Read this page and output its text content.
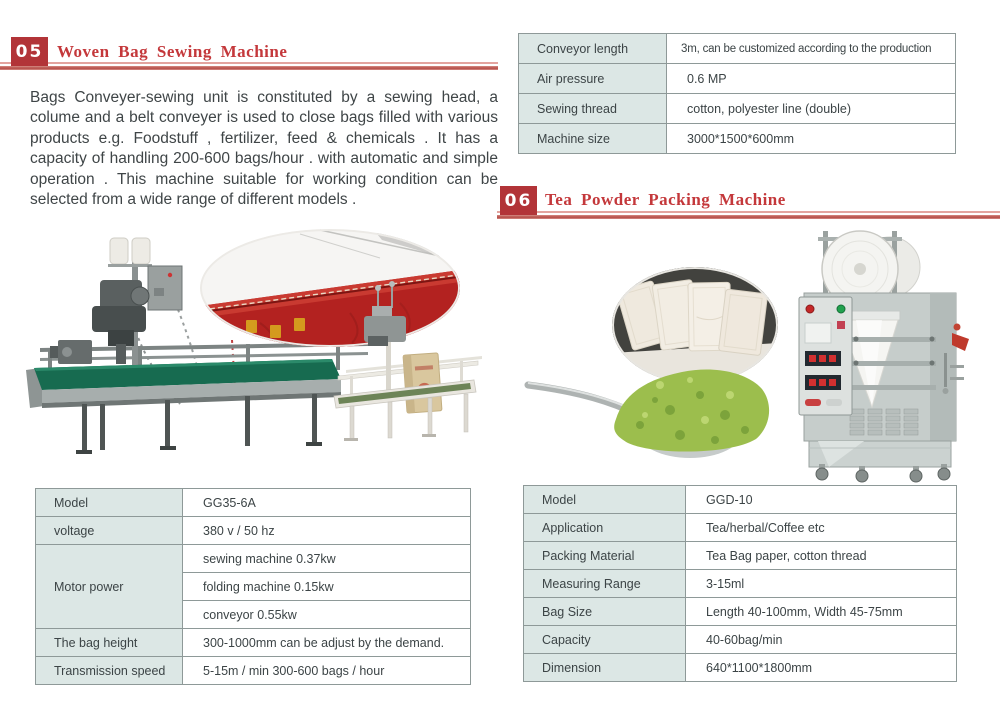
05 Woven Bag Sewing Machine

Bags Conveyer-sewing unit is constituted by a sewing head, a colume and a belt conveyer is used to close bags filled with various products e.g. Foodstuff , fertilizer, feed & chemicals . It has a capacity of handling 200-600 bags/hour . with automatic and simple operation . This machine suitable for working condition can be selected from a wide range of different models .

Conveyor length	3m, can be customized according to the production
Air pressure	0.6 MP
Sewing thread	cotton, polyester line (double)
Machine size	3000*1500*600mm
06 Tea Powder Packing Machine
Model	GG35-6A
voltage	380 v / 50 hz
Motor power	sewing machine 0.37kw
	folding machine 0.15kw
	conveyor 0.55kw
The bag height	300-1000mm can be adjust by the demand.
Transmission speed	5-15m / min 300-600 bags / hour
Model	GGD-10
Application	Tea/herbal/Coffee etc
Packing Material	Tea Bag paper, cotton thread
Measuring Range	3-15ml
Bag Size	Length 40-100mm, Width 45-75mm
Capacity	40-60bag/min
Dimension	640*1100*1800mm
